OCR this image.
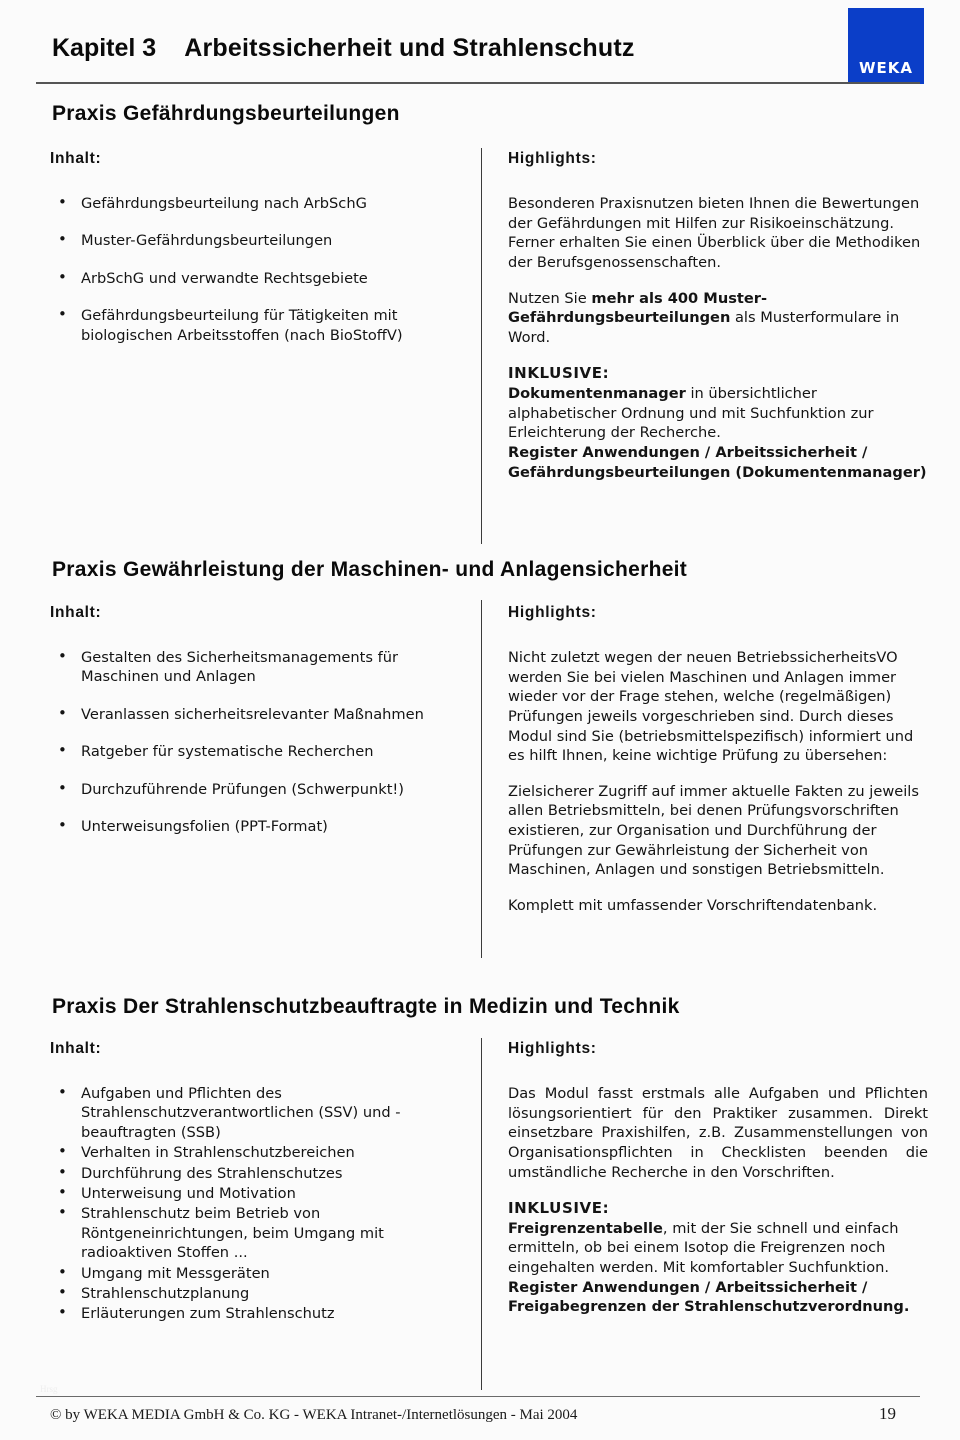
Kapitel 3 Arbeitssicherheit und Strahlenschutz
WEKA
Praxis Gefährdungsbeurteilungen
Inhalt:
• Gefährdungsbeurteilung nach ArbSchG
• Muster-Gefährdungsbeurteilungen
• ArbSchG und verwandte Rechtsgebiete
• Gefährdungsbeurteilung für Tätigkeiten mit biologischen Arbeitsstoffen (nach BioStoffV)
Highlights:

Besonderen Praxisnutzen bieten Ihnen die Bewertungen der Gefährdungen mit Hilfen zur Risikoeinschätzung. Ferner erhalten Sie einen Überblick über die Methodiken der Berufsgenossenschaften.

Nutzen Sie mehr als 400 Muster-Gefährdungsbeurteilungen als Musterformulare in Word.

INKLUSIVE:
Dokumentenmanager in übersichtlicher alphabetischer Ordnung und mit Suchfunktion zur Erleichterung der Recherche.
Register Anwendungen / Arbeitssicherheit / Gefährdungsbeurteilungen (Dokumentenmanager)

Praxis Gewährleistung der Maschinen- und Anlagensicherheit
Inhalt:
• Gestalten des Sicherheitsmanagements für Maschinen und Anlagen
• Veranlassen sicherheitsrelevanter Maßnahmen
• Ratgeber für systematische Recherchen
• Durchzuführende Prüfungen (Schwerpunkt!)
• Unterweisungsfolien (PPT-Format)
Highlights:

Nicht zuletzt wegen der neuen BetriebssicherheitsVO werden Sie bei vielen Maschinen und Anlagen immer wieder vor der Frage stehen, welche (regelmäßigen) Prüfungen jeweils vorgeschrieben sind. Durch dieses Modul sind Sie (betriebsmittelspezifisch) informiert und es hilft Ihnen, keine wichtige Prüfung zu übersehen:

Zielsicherer Zugriff auf immer aktuelle Fakten zu jeweils allen Betriebsmitteln, bei denen Prüfungsvorschriften existieren, zur Organisation und Durchführung der Prüfungen zur Gewährleistung der Sicherheit von Maschinen, Anlagen und sonstigen Betriebsmitteln.

Komplett mit umfassender Vorschriftendatenbank.

Praxis Der Strahlenschutzbeauftragte in Medizin und Technik
Inhalt:
• Aufgaben und Pflichten des Strahlenschutzverantwortlichen (SSV) und -beauftragten (SSB)
• Verhalten in Strahlenschutzbereichen
• Durchführung des Strahlenschutzes
• Unterweisung und Motivation
• Strahlenschutz beim Betrieb von Röntgeneinrichtungen, beim Umgang mit radioaktiven Stoffen ...
• Umgang mit Messgeräten
• Strahlenschutzplanung
• Erläuterungen zum Strahlenschutz
Highlights:

Das Modul fasst erstmals alle Aufgaben und Pflichten lösungsorientiert für den Praktiker zusammen. Direkt einsetzbare Praxishilfen, z.B. Zusammenstellungen von Organisationspflichten in Checklisten beenden die umständliche Recherche in den Vorschriften.

INKLUSIVE:
Freigrenzentabelle, mit der Sie schnell und einfach ermitteln, ob bei einem Isotop die Freigrenzen noch eingehalten werden. Mit komfortabler Suchfunktion.
Register Anwendungen / Arbeitssicherheit / Freigabegrenzen der Strahlenschutzverordnung.

Hrsg
© by WEKA MEDIA GmbH & Co. KG - WEKA Intranet-/Internetlösungen - Mai 2004	19
